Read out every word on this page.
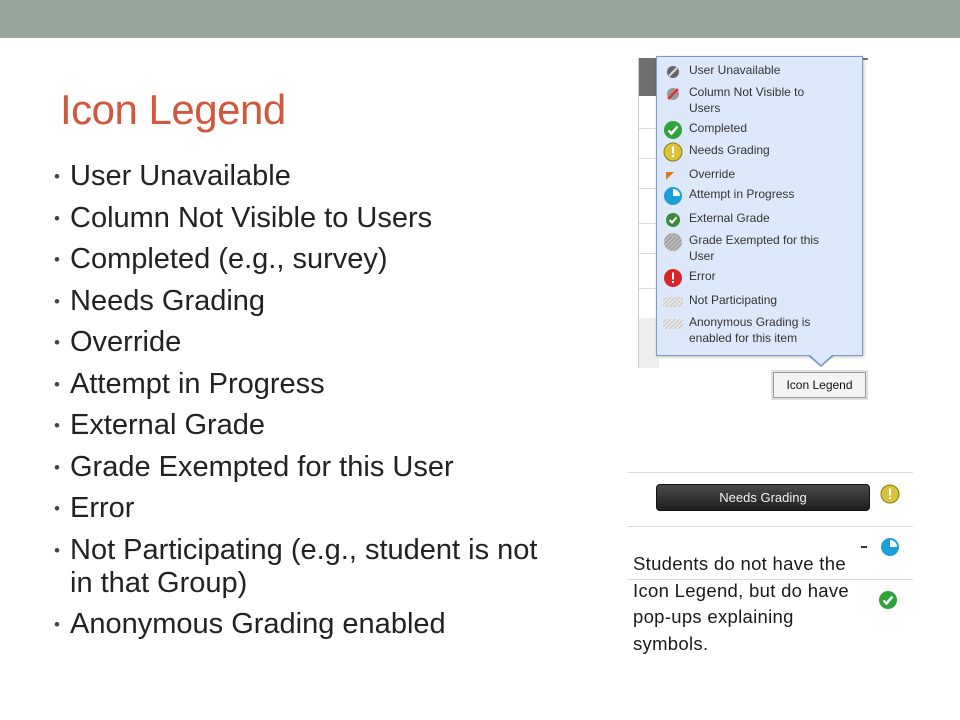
Icon Legend
• User Unavailable
• Column Not Visible to Users
• Completed (e.g., survey)
• Needs Grading
• Override
• Attempt in Progress
• External Grade
• Grade Exempted for this User
• Error
• Not Participating (e.g., student is not in that Group)
• Anonymous Grading enabled
User Unavailable
Column Not Visible to Users
Completed
Needs Grading
Override
Attempt in Progress
External Grade
Grade Exempted for this User
Error
Not Participating
Anonymous Grading is enabled for this item
Icon Legend
Needs Grading
Students do not have the Icon Legend, but do have pop-ups explaining symbols.
